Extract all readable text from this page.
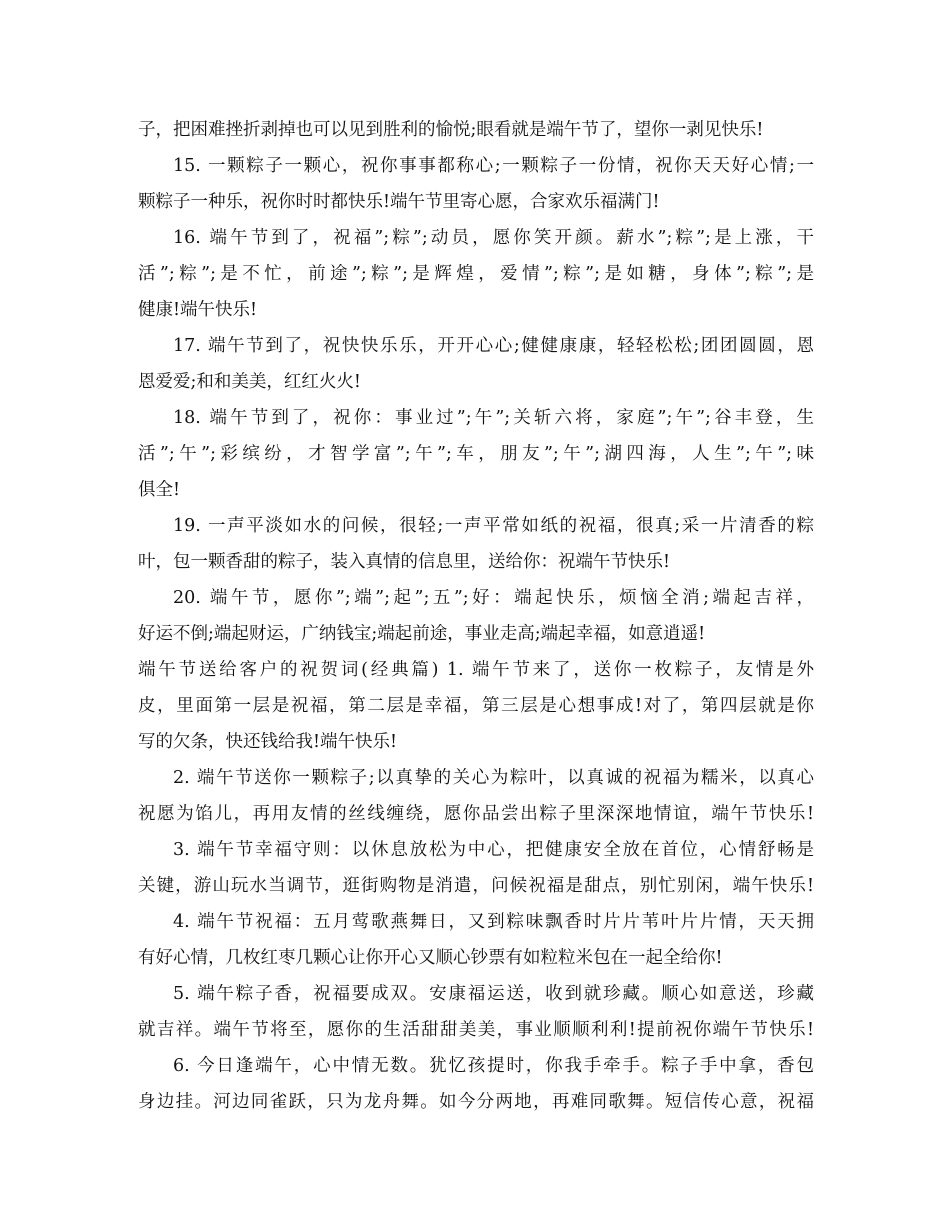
子，把困难挫折剥掉也可以见到胜利的愉悦;眼看就是端午节了，望你一剥见快乐!
15. 一颗粽子一颗心，祝你事事都称心;一颗粽子一份情，祝你天天好心情;一
颗粽子一种乐，祝你时时都快乐!端午节里寄心愿，合家欢乐福满门!
16. 端午节到了，祝福”;粽”;动员，愿你笑开颜。薪水”;粽”;是上涨，干
活”;粽”;是不忙，前途”;粽”;是辉煌，爱情”;粽”;是如糖，身体”;粽”;是
健康!端午快乐!
17. 端午节到了，祝快快乐乐，开开心心;健健康康，轻轻松松;团团圆圆，恩
恩爱爱;和和美美，红红火火!
18. 端午节到了，祝你：事业过”;午”;关斩六将，家庭”;午”;谷丰登，生
活”;午”;彩缤纷，才智学富”;午”;车，朋友”;午”;湖四海，人生”;午”;味
俱全!
19. 一声平淡如水的问候，很轻;一声平常如纸的祝福，很真;采一片清香的粽
叶，包一颗香甜的粽子，装入真情的信息里，送给你：祝端午节快乐!
20. 端午节，愿你”;端”;起”;五”;好：端起快乐，烦恼全消;端起吉祥，
好运不倒;端起财运，广纳钱宝;端起前途，事业走高;端起幸福，如意逍遥!
端午节送给客户的祝贺词(经典篇) 1. 端午节来了，送你一枚粽子，友情是外
皮，里面第一层是祝福，第二层是幸福，第三层是心想事成!对了，第四层就是你
写的欠条，快还钱给我!端午快乐!
2. 端午节送你一颗粽子;以真挚的关心为粽叶，以真诚的祝福为糯米，以真心
祝愿为馅儿，再用友情的丝线缠绕，愿你品尝出粽子里深深地情谊，端午节快乐!
3. 端午节幸福守则：以休息放松为中心，把健康安全放在首位，心情舒畅是
关键，游山玩水当调节，逛街购物是消遣，问候祝福是甜点，别忙别闲，端午快乐!
4. 端午节祝福：五月莺歌燕舞日，又到粽味飘香时片片苇叶片片情，天天拥
有好心情，几枚红枣几颗心让你开心又顺心钞票有如粒粒米包在一起全给你!
5. 端午粽子香，祝福要成双。安康福运送，收到就珍藏。顺心如意送，珍藏
就吉祥。端午节将至，愿你的生活甜甜美美，事业顺顺利利!提前祝你端午节快乐!
6. 今日逢端午，心中情无数。犹忆孩提时，你我手牵手。粽子手中拿，香包
身边挂。河边同雀跃，只为龙舟舞。如今分两地，再难同歌舞。短信传心意，祝福
